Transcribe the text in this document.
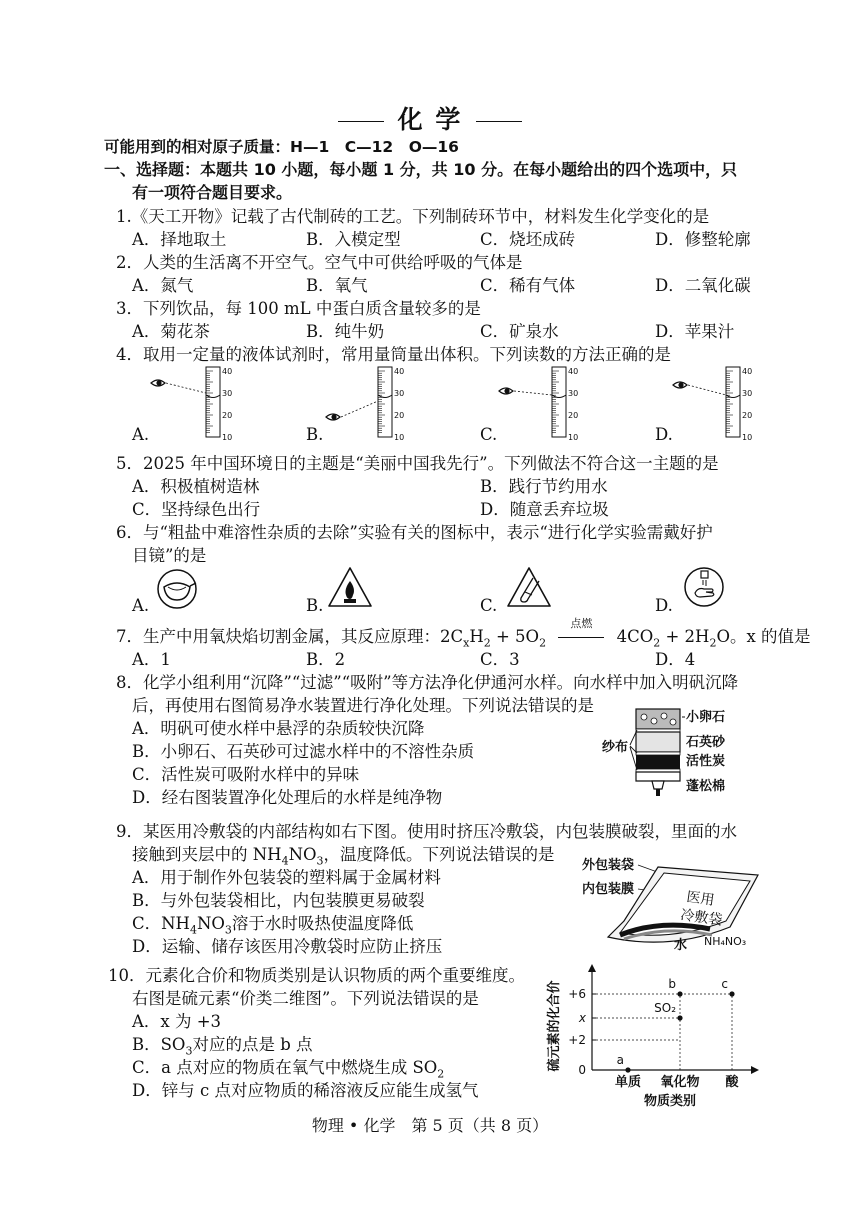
化 学
可能用到的相对原子质量：H—1　C—12　O—16
一、选择题：本题共 10 小题，每小题 1 分，共 10 分。在每小题给出的四个选项中，只
有一项符合题目要求。
1.《天工开物》记载了古代制砖的工艺。下列制砖环节中，材料发生化学变化的是
A．择地取土	B．入模定型	C．烧坯成砖	D．修整轮廓
2．人类的生活离不开空气。空气中可供给呼吸的气体是
A．氮气	B．氧气	C．稀有气体	D．二氧化碳
3．下列饮品，每 100 mL 中蛋白质含量较多的是
A．菊花茶	B．纯牛奶	C．矿泉水	D．苹果汁
4．取用一定量的液体试剂时，常用量筒量出体积。下列读数的方法正确的是
40
30
20
10
40
30
20
10
40
30
20
10
40
30
20
10
A.	B.	C.	D.
5．2025 年中国环境日的主题是“美丽中国我先行”。下列做法不符合这一主题的是
A．积极植树造林	B．践行节约用水
C．坚持绿色出行	D．随意丢弃垃圾
6．与“粗盐中难溶性杂质的去除”实验有关的图标中，表示“进行化学实验需戴好护
目镜”的是
A.	B.	C.	D.
7．生产中用氧炔焰切割金属，其反应原理：$2C_xH_2 + 5O_2$
点燃
$4CO_2 + 2H_2O$。x 的值是
A．1	B．2	C．3	D．4
8．化学小组利用“沉降”“过滤”“吸附”等方法净化伊通河水样。向水样中加入明矾沉降
后，再使用右图简易净水装置进行净化处理。下列说法错误的是
A．明矾可使水样中悬浮的杂质较快沉降
B．小卵石、石英砂可过滤水样中的不溶性杂质
C．活性炭可吸附水样中的异味
D．经右图装置净化处理后的水样是纯净物
小卵石
石英砂
活性炭
蓬松棉
纱布
9．某医用冷敷袋的内部结构如右下图。使用时挤压冷敷袋，内包装膜破裂，里面的水
接触到夹层中的 $NH_4NO_3$，温度降低。下列说法错误的是
A．用于制作外包装袋的塑料属于金属材料
B．与外包装袋相比，内包装膜更易破裂
C．$NH_4NO_3$溶于水时吸热使温度降低
D．运输、储存该医用冷敷袋时应防止挤压
外包装袋
内包装膜	医用
冷敷袋
水 NH₄NO₃
10．元素化合价和物质类别是认识物质的两个重要维度。
右图是硫元素“价类二维图”。下列说法错误的是
A．x 为 +3
B．$SO_3$对应的点是 b 点
C．a 点对应的物质在氧气中燃烧生成 $SO_2$
D．锌与 c 点对应物质的稀溶液反应能生成氢气
硫元素的化合价 +6
x
+2
0
单质 氧化物 酸
a
SO₂
b	c
物质类别
物理 • 化学　第 5 页（共 8 页）
